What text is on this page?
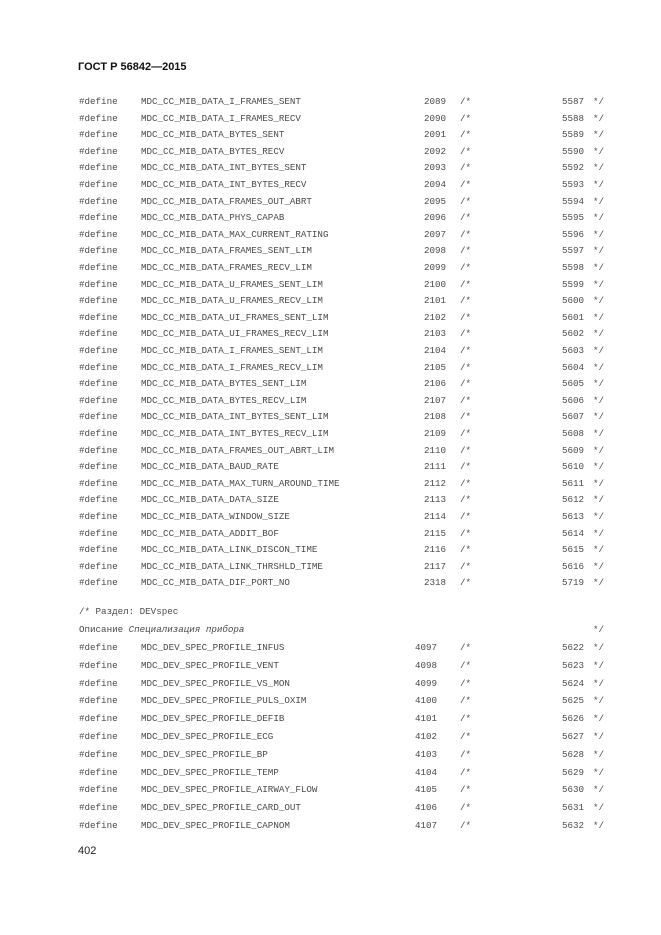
ГОСТ Р 56842—2015
#define	MDC_CC_MIB_DATA_I_FRAMES_SENT	2089 /*	5587 */
#define	MDC_CC_MIB_DATA_I_FRAMES_RECV	2090 /*	5588 */
#define	MDC_CC_MIB_DATA_BYTES_SENT	2091 /*	5589 */
#define	MDC_CC_MIB_DATA_BYTES_RECV	2092 /*	5590 */
#define	MDC_CC_MIB_DATA_INT_BYTES_SENT	2093 /*	5592 */
#define	MDC_CC_MIB_DATA_INT_BYTES_RECV	2094 /*	5593 */
#define	MDC_CC_MIB_DATA_FRAMES_OUT_ABRT	2095 /*	5594 */
#define	MDC_CC_MIB_DATA_PHYS_CAPAB	2096 /*	5595 */
#define	MDC_CC_MIB_DATA_MAX_CURRENT_RATING	2097 /*	5596 */
#define	MDC_CC_MIB_DATA_FRAMES_SENT_LIM	2098 /*	5597 */
#define	MDC_CC_MIB_DATA_FRAMES_RECV_LIM	2099 /*	5598 */
#define	MDC_CC_MIB_DATA_U_FRAMES_SENT_LIM	2100 /*	5599 */
#define	MDC_CC_MIB_DATA_U_FRAMES_RECV_LIM	2101 /*	5600 */
#define	MDC_CC_MIB_DATA_UI_FRAMES_SENT_LIM	2102 /*	5601 */
#define	MDC_CC_MIB_DATA_UI_FRAMES_RECV_LIM	2103 /*	5602 */
#define	MDC_CC_MIB_DATA_I_FRAMES_SENT_LIM	2104 /*	5603 */
#define	MDC_CC_MIB_DATA_I_FRAMES_RECV_LIM	2105 /*	5604 */
#define	MDC_CC_MIB_DATA_BYTES_SENT_LIM	2106 /*	5605 */
#define	MDC_CC_MIB_DATA_BYTES_RECV_LIM	2107 /*	5606 */
#define	MDC_CC_MIB_DATA_INT_BYTES_SENT_LIM	2108 /*	5607 */
#define	MDC_CC_MIB_DATA_INT_BYTES_RECV_LIM	2109 /*	5608 */
#define	MDC_CC_MIB_DATA_FRAMES_OUT_ABRT_LIM	2110 /*	5609 */
#define	MDC_CC_MIB_DATA_BAUD_RATE	2111 /*	5610 */
#define	MDC_CC_MIB_DATA_MAX_TURN_AROUND_TIME	2112 /*	5611 */
#define	MDC_CC_MIB_DATA_DATA_SIZE	2113 /*	5612 */
#define	MDC_CC_MIB_DATA_WINDOW_SIZE	2114 /*	5613 */
#define	MDC_CC_MIB_DATA_ADDIT_BOF	2115 /*	5614 */
#define	MDC_CC_MIB_DATA_LINK_DISCON_TIME	2116 /*	5615 */
#define	MDC_CC_MIB_DATA_LINK_THRSHLD_TIME	2117 /*	5616 */
#define	MDC_CC_MIB_DATA_DIF_PORT_NO	2318 /*	5719 */
/* Раздел: DEVspec

Описание Специализация прибора

	*/

#define	MDC_DEV_SPEC_PROFILE_INFUS	4097	/*	5622 */
#define	MDC_DEV_SPEC_PROFILE_VENT	4098	/*	5623 */
#define	MDC_DEV_SPEC_PROFILE_VS_MON	4099	/*	5624 */
#define	MDC_DEV_SPEC_PROFILE_PULS_OXIM	4100	/*	5625 */
#define	MDC_DEV_SPEC_PROFILE_DEFIB	4101	/*	5626 */
#define	MDC_DEV_SPEC_PROFILE_ECG	4102	/*	5627 */
#define	MDC_DEV_SPEC_PROFILE_BP	4103	/*	5628 */
#define	MDC_DEV_SPEC_PROFILE_TEMP	4104	/*	5629 */
#define	MDC_DEV_SPEC_PROFILE_AIRWAY_FLOW	4105	/*	5630 */
#define	MDC_DEV_SPEC_PROFILE_CARD_OUT	4106	/*	5631 */
#define	MDC_DEV_SPEC_PROFILE_CAPNOM	4107	/*	5632 */
402
